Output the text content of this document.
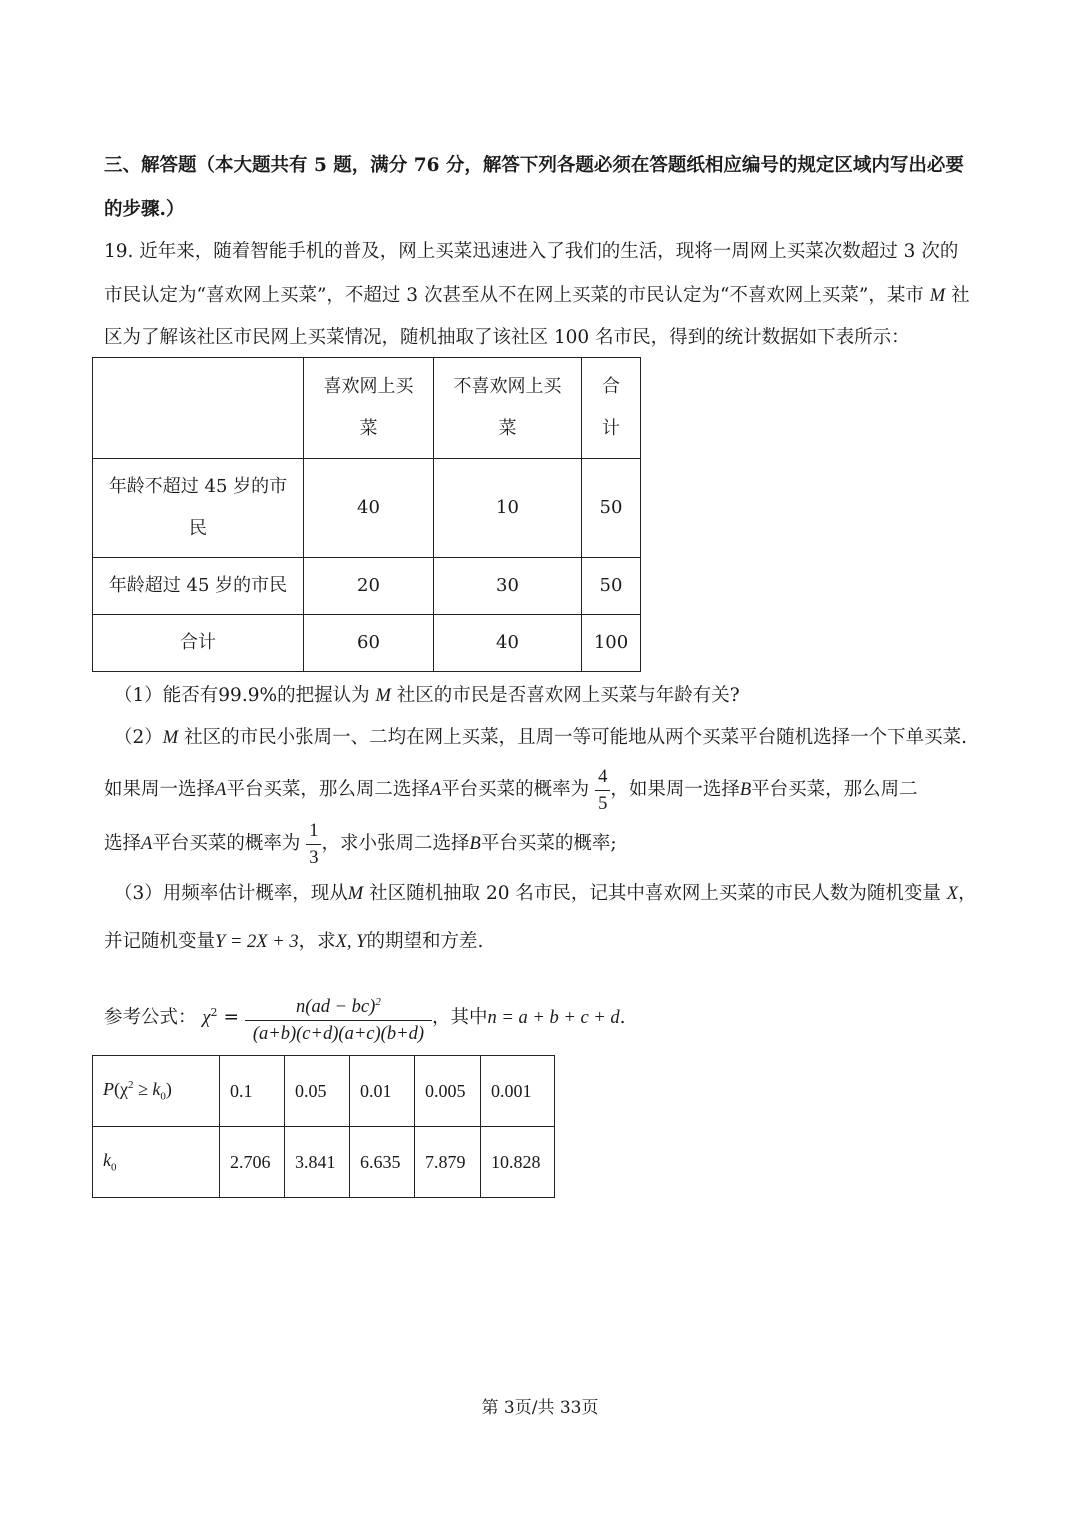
三、解答题（本大题共有 5 题，满分 76 分，解答下列各题必须在答题纸相应编号的规定区域内写出必要
的步骤.）
19. 近年来，随着智能手机的普及，网上买菜迅速进入了我们的生活，现将一周网上买菜次数超过 3 次的
市民认定为“喜欢网上买菜”，不超过 3 次甚至从不在网上买菜的市民认定为“不喜欢网上买菜”，某市 M 社
区为了解该社区市民网上买菜情况，随机抽取了该社区 100 名市民，得到的统计数据如下表所示：
	喜欢网上买
菜	不喜欢网上买
菜	合
计
年龄不超过 45 岁的市
民	40	10	50
年龄超过 45 岁的市民	20	30	50
合计	60	40	100
（1）能否有99.9%的把握认为 M 社区的市民是否喜欢网上买菜与年龄有关?
（2）M 社区的市民小张周一、二均在网上买菜，且周一等可能地从两个买菜平台随机选择一个下单买菜.
如果周一选择A平台买菜，那么周二选择A平台买菜的概率为 $\frac{4}{5}$ ，如果周一选择B平台买菜，那么周二
选择A平台买菜的概率为 $\frac{1}{3}$ ，求小张周二选择B平台买菜的概率;
（3）用频率估计概率，现从M 社区随机抽取 20 名市民，记其中喜欢网上买菜的市民人数为随机变量 X，
并记随机变量Y = 2X + 3，求X, Y的期望和方差.
参考公式： $\chi^2 = \frac{n(ad - bc)^2}{(a+b)(c+d)(a+c)(b+d)}$ ，其中n = a + b + c + d.
$P(\chi^2 \ge k_0)$	0.1	0.05	0.01	0.005	0.001
$k_0$	2.706	3.841	6.635	7.879	10.828
第 3页/共 33页
